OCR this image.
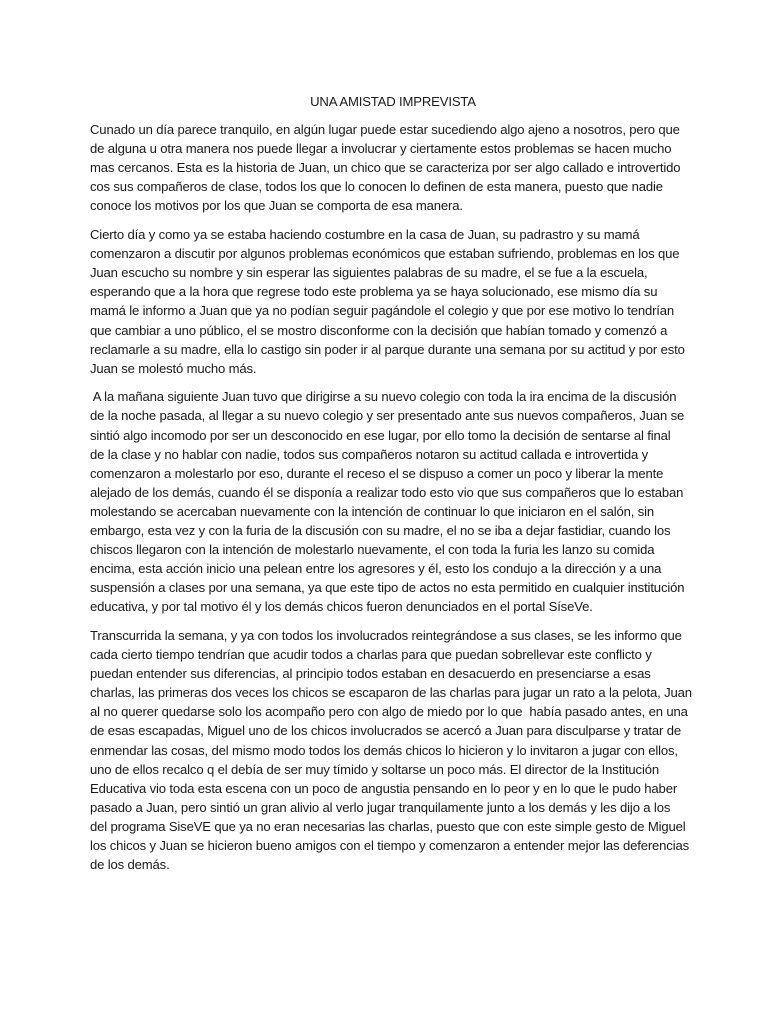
UNA AMISTAD IMPREVISTA

Cunado un día parece tranquilo, en algún lugar puede estar sucediendo algo ajeno a nosotros, pero que
de alguna u otra manera nos puede llegar a involucrar y ciertamente estos problemas se hacen mucho
mas cercanos. Esta es la historia de Juan, un chico que se caracteriza por ser algo callado e introvertido
cos sus compañeros de clase, todos los que lo conocen lo definen de esta manera, puesto que nadie
conoce los motivos por los que Juan se comporta de esa manera.

Cierto día y como ya se estaba haciendo costumbre en la casa de Juan, su padrastro y su mamá
comenzaron a discutir por algunos problemas económicos que estaban sufriendo, problemas en los que
Juan escucho su nombre y sin esperar las siguientes palabras de su madre, el se fue a la escuela,
esperando que a la hora que regrese todo este problema ya se haya solucionado, ese mismo día su
mamá le informo a Juan que ya no podían seguir pagándole el colegio y que por ese motivo lo tendrían
que cambiar a uno público, el se mostro disconforme con la decisión que habían tomado y comenzó a
reclamarle a su madre, ella lo castigo sin poder ir al parque durante una semana por su actitud y por esto
Juan se molestó mucho más.

A la mañana siguiente Juan tuvo que dirigirse a su nuevo colegio con toda la ira encima de la discusión
de la noche pasada, al llegar a su nuevo colegio y ser presentado ante sus nuevos compañeros, Juan se
sintió algo incomodo por ser un desconocido en ese lugar, por ello tomo la decisión de sentarse al final
de la clase y no hablar con nadie, todos sus compañeros notaron su actitud callada e introvertida y
comenzaron a molestarlo por eso, durante el receso el se dispuso a comer un poco y liberar la mente
alejado de los demás, cuando él se disponía a realizar todo esto vio que sus compañeros que lo estaban
molestando se acercaban nuevamente con la intención de continuar lo que iniciaron en el salón, sin
embargo, esta vez y con la furia de la discusión con su madre, el no se iba a dejar fastidiar, cuando los
chiscos llegaron con la intención de molestarlo nuevamente, el con toda la furia les lanzo su comida
encima, esta acción inicio una pelean entre los agresores y él, esto los condujo a la dirección y a una
suspensión a clases por una semana, ya que este tipo de actos no esta permitido en cualquier institución
educativa, y por tal motivo él y los demás chicos fueron denunciados en el portal SíseVe.

Transcurrida la semana, y ya con todos los involucrados reintegrándose a sus clases, se les informo que
cada cierto tiempo tendrían que acudir todos a charlas para que puedan sobrellevar este conflicto y
puedan entender sus diferencias, al principio todos estaban en desacuerdo en presenciarse a esas
charlas, las primeras dos veces los chicos se escaparon de las charlas para jugar un rato a la pelota, Juan
al no querer quedarse solo los acompaño pero con algo de miedo por lo que  había pasado antes, en una
de esas escapadas, Miguel uno de los chicos involucrados se acercó a Juan para disculparse y tratar de
enmendar las cosas, del mismo modo todos los demás chicos lo hicieron y lo invitaron a jugar con ellos,
uno de ellos recalco q el debía de ser muy tímido y soltarse un poco más. El director de la Institución
Educativa vio toda esta escena con un poco de angustia pensando en lo peor y en lo que le pudo haber
pasado a Juan, pero sintió un gran alivio al verlo jugar tranquilamente junto a los demás y les dijo a los
del programa SiseVE que ya no eran necesarias las charlas, puesto que con este simple gesto de Miguel
los chicos y Juan se hicieron bueno amigos con el tiempo y comenzaron a entender mejor las deferencias
de los demás.
